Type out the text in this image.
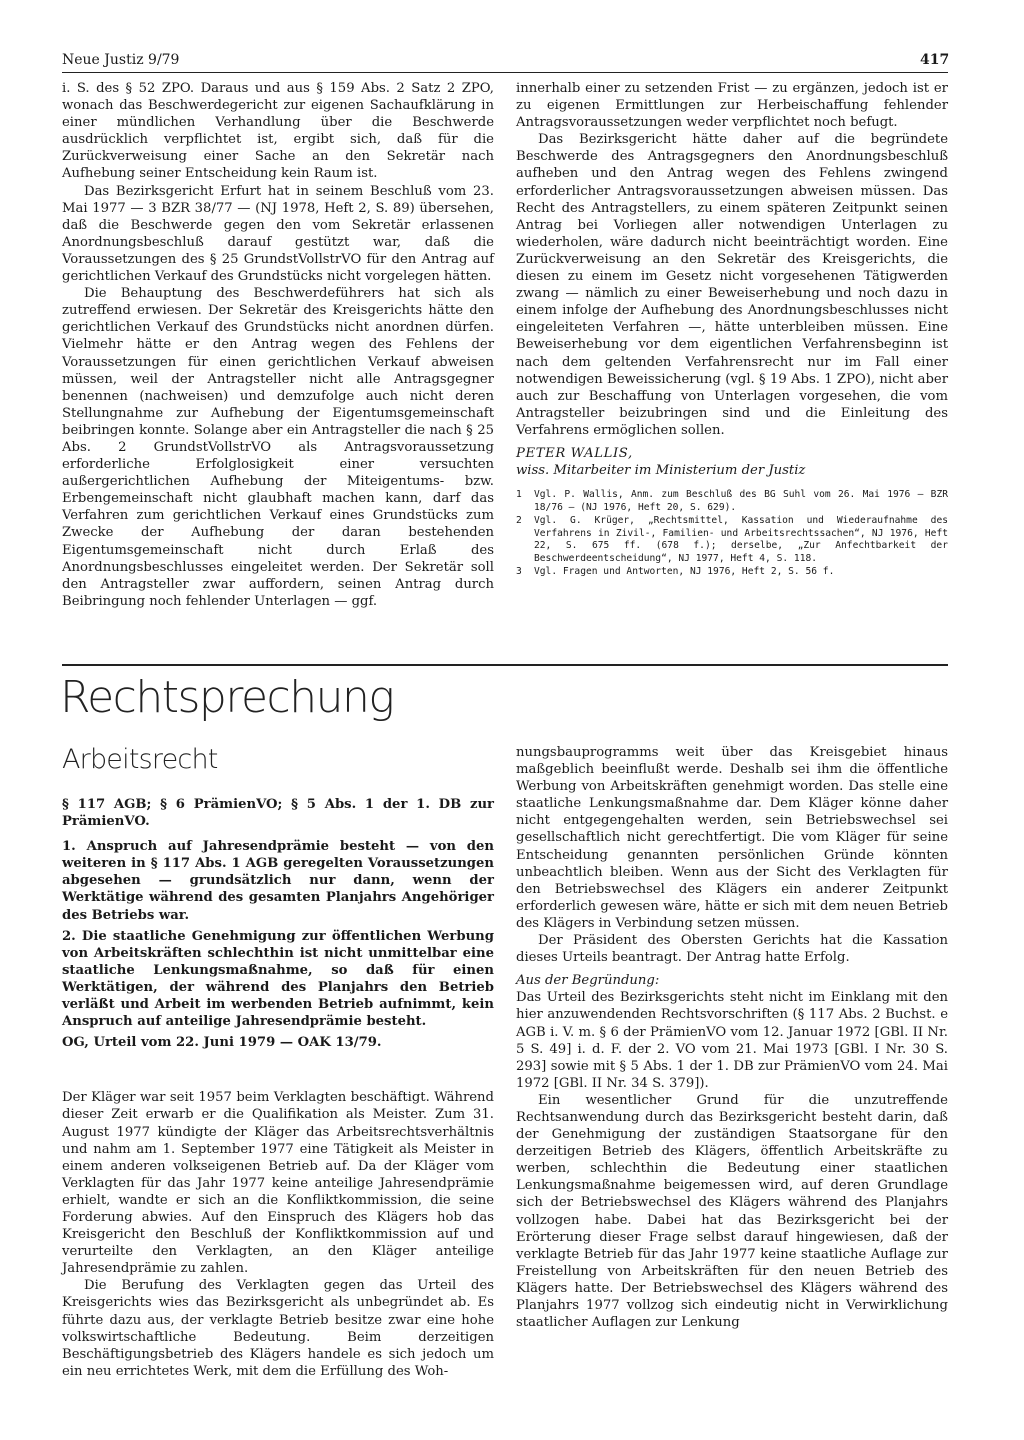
Neue Justiz 9/79	417

i. S. des § 52 ZPO. Daraus und aus § 159 Abs. 2 Satz 2 ZPO, wonach das Beschwerdegericht zur eigenen Sachaufklärung in einer mündlichen Verhandlung über die Beschwerde ausdrücklich verpflichtet ist, ergibt sich, daß für die Zurückverweisung einer Sache an den Sekretär nach Aufhebung seiner Entscheidung kein Raum ist.

Das Bezirksgericht Erfurt hat in seinem Beschluß vom 23. Mai 1977 — 3 BZR 38/77 — (NJ 1978, Heft 2, S. 89) übersehen, daß die Beschwerde gegen den vom Sekretär erlassenen Anordnungsbeschluß darauf gestützt war, daß die Voraussetzungen des § 25 GrundstVollstrVO für den Antrag auf gerichtlichen Verkauf des Grundstücks nicht vorgelegen hätten.

Die Behauptung des Beschwerdeführers hat sich als zutreffend erwiesen. Der Sekretär des Kreisgerichts hätte den gerichtlichen Verkauf des Grundstücks nicht anordnen dürfen. Vielmehr hätte er den Antrag wegen des Fehlens der Voraussetzungen für einen gerichtlichen Verkauf abweisen müssen, weil der Antragsteller nicht alle Antragsgegner benennen (nachweisen) und demzufolge auch nicht deren Stellungnahme zur Aufhebung der Eigentumsgemeinschaft beibringen konnte. Solange aber ein Antragsteller die nach § 25 Abs. 2 GrundstVollstrVO als Antragsvoraussetzung erforderliche Erfolglosigkeit einer versuchten außergerichtlichen Aufhebung der Miteigentums- bzw. Erbengemeinschaft nicht glaubhaft machen kann, darf das Verfahren zum gerichtlichen Verkauf eines Grundstücks zum Zwecke der Aufhebung der daran bestehenden Eigentumsgemeinschaft nicht durch Erlaß des Anordnungsbeschlusses eingeleitet werden. Der Sekretär soll den Antragsteller zwar auffordern, seinen Antrag durch Beibringung noch fehlender Unterlagen — ggf.

innerhalb einer zu setzenden Frist — zu ergänzen, jedoch ist er zu eigenen Ermittlungen zur Herbeischaffung fehlender Antragsvoraussetzungen weder verpflichtet noch befugt.

Das Bezirksgericht hätte daher auf die begründete Beschwerde des Antragsgegners den Anordnungsbeschluß aufheben und den Antrag wegen des Fehlens zwingend erforderlicher Antragsvoraussetzungen abweisen müssen. Das Recht des Antragstellers, zu einem späteren Zeitpunkt seinen Antrag bei Vorliegen aller notwendigen Unterlagen zu wiederholen, wäre dadurch nicht beeinträchtigt worden. Eine Zurückverweisung an den Sekretär des Kreisgerichts, die diesen zu einem im Gesetz nicht vorgesehenen Tätigwerden zwang — nämlich zu einer Beweiserhebung und noch dazu in einem infolge der Aufhebung des Anordnungsbeschlusses nicht eingeleiteten Verfahren —, hätte unterbleiben müssen. Eine Beweiserhebung vor dem eigentlichen Verfahrensbeginn ist nach dem geltenden Verfahrensrecht nur im Fall einer notwendigen Beweissicherung (vgl. § 19 Abs. 1 ZPO), nicht aber auch zur Beschaffung von Unterlagen vorgesehen, die vom Antragsteller beizubringen sind und die Einleitung des Verfahrens ermöglichen sollen.

PETER WALLIS,

wiss. Mitarbeiter im Ministerium der Justiz

1	Vgl. P. Wallis, Anm. zum Beschluß des BG Suhl vom 26. Mai 1976 — BZR 18/76 — (NJ 1976, Heft 20, S. 629).
2	Vgl. G. Krüger, „Rechtsmittel, Kassation und Wiederaufnahme des Verfahrens in Zivil-, Familien- und Arbeitsrechtssachen“, NJ 1976, Heft 22, S. 675 ff. (678 f.); derselbe, „Zur Anfechtbarkeit der Beschwerdeentscheidung“, NJ 1977, Heft 4, S. 118.
3	Vgl. Fragen und Antworten, NJ 1976, Heft 2, S. 56 f.
Rechtsprechung
Arbeitsrecht

§ 117 AGB; § 6 PrämienVO; § 5 Abs. 1 der 1. DB zur PrämienVO.

1. Anspruch auf Jahresendprämie besteht — von den weiteren in § 117 Abs. 1 AGB geregelten Voraussetzungen abgesehen — grundsätzlich nur dann, wenn der Werktätige während des gesamten Planjahrs Angehöriger des Betriebs war.

2. Die staatliche Genehmigung zur öffentlichen Werbung von Arbeitskräften schlechthin ist nicht unmittelbar eine staatliche Lenkungsmaßnahme, so daß für einen Werktätigen, der während des Planjahrs den Betrieb verläßt und Arbeit im werbenden Betrieb aufnimmt, kein Anspruch auf anteilige Jahresendprämie besteht.

OG, Urteil vom 22. Juni 1979 — OAK 13/79.

Der Kläger war seit 1957 beim Verklagten beschäftigt. Während dieser Zeit erwarb er die Qualifikation als Meister. Zum 31. August 1977 kündigte der Kläger das Arbeitsrechtsverhältnis und nahm am 1. September 1977 eine Tätigkeit als Meister in einem anderen volkseigenen Betrieb auf. Da der Kläger vom Verklagten für das Jahr 1977 keine anteilige Jahresendprämie erhielt, wandte er sich an die Konfliktkommission, die seine Forderung abwies. Auf den Einspruch des Klägers hob das Kreisgericht den Beschluß der Konfliktkommission auf und verurteilte den Verklagten, an den Kläger anteilige Jahresendprämie zu zahlen.

Die Berufung des Verklagten gegen das Urteil des Kreisgerichts wies das Bezirksgericht als unbegründet ab. Es führte dazu aus, der verklagte Betrieb besitze zwar eine hohe volkswirtschaftliche Bedeutung. Beim derzeitigen Beschäftigungsbetrieb des Klägers handele es sich jedoch um ein neu errichtetes Werk, mit dem die Erfüllung des Woh-

nungsbauprogramms weit über das Kreisgebiet hinaus maßgeblich beeinflußt werde. Deshalb sei ihm die öffentliche Werbung von Arbeitskräften genehmigt worden. Das stelle eine staatliche Lenkungsmaßnahme dar. Dem Kläger könne daher nicht entgegengehalten werden, sein Betriebswechsel sei gesellschaftlich nicht gerechtfertigt. Die vom Kläger für seine Entscheidung genannten persönlichen Gründe könnten unbeachtlich bleiben. Wenn aus der Sicht des Verklagten für den Betriebswechsel des Klägers ein anderer Zeitpunkt erforderlich gewesen wäre, hätte er sich mit dem neuen Betrieb des Klägers in Verbindung setzen müssen.

Der Präsident des Obersten Gerichts hat die Kassation dieses Urteils beantragt. Der Antrag hatte Erfolg.

Aus der Begründung:

Das Urteil des Bezirksgerichts steht nicht im Einklang mit den hier anzuwendenden Rechtsvorschriften (§ 117 Abs. 2 Buchst. e AGB i. V. m. § 6 der PrämienVO vom 12. Januar 1972 [GBl. II Nr. 5 S. 49] i. d. F. der 2. VO vom 21. Mai 1973 [GBl. I Nr. 30 S. 293] sowie mit § 5 Abs. 1 der 1. DB zur PrämienVO vom 24. Mai 1972 [GBl. II Nr. 34 S. 379]).

Ein wesentlicher Grund für die unzutreffende Rechtsanwendung durch das Bezirksgericht besteht darin, daß der Genehmigung der zuständigen Staatsorgane für den derzeitigen Betrieb des Klägers, öffentlich Arbeitskräfte zu werben, schlechthin die Bedeutung einer staatlichen Lenkungsmaßnahme beigemessen wird, auf deren Grundlage sich der Betriebswechsel des Klägers während des Planjahrs vollzogen habe. Dabei hat das Bezirksgericht bei der Erörterung dieser Frage selbst darauf hingewiesen, daß der verklagte Betrieb für das Jahr 1977 keine staatliche Auflage zur Freistellung von Arbeitskräften für den neuen Betrieb des Klägers hatte. Der Betriebswechsel des Klägers während des Planjahrs 1977 vollzog sich eindeutig nicht in Verwirklichung staatlicher Auflagen zur Lenkung
